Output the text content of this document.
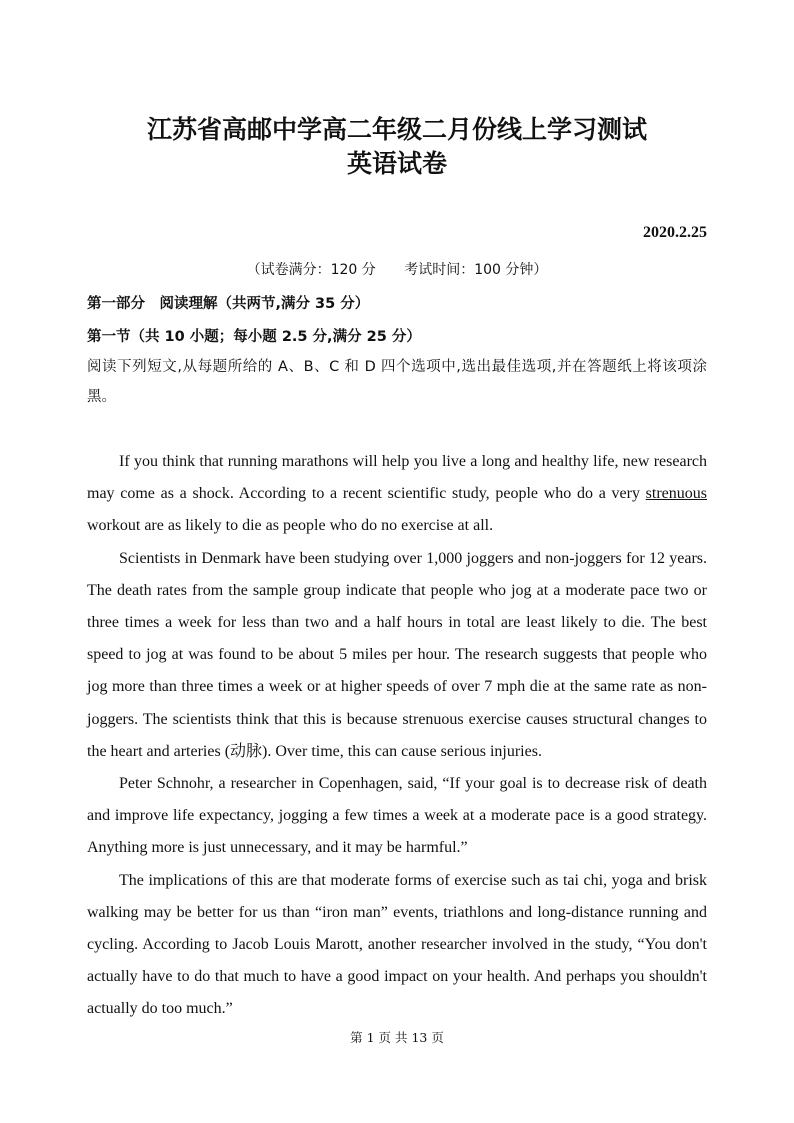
江苏省高邮中学高二年级二月份线上学习测试
英语试卷
2020.2.25
（试卷满分：120 分 考试时间：100 分钟）
第一部分　阅读理解（共两节,满分 35 分）
第一节（共 10 小题；每小题 2.5 分,满分 25 分）
阅读下列短文,从每题所给的 A、B、C 和 D 四个选项中,选出最佳选项,并在答题纸上将该项涂黑。

If you think that running marathons will help you live a long and healthy life, new research may come as a shock. According to a recent scientific study, people who do a very strenuous workout are as likely to die as people who do no exercise at all.

Scientists in Denmark have been studying over 1,000 joggers and non-joggers for 12 years. The death rates from the sample group indicate that people who jog at a moderate pace two or three times a week for less than two and a half hours in total are least likely to die. The best speed to jog at was found to be about 5 miles per hour. The research suggests that people who jog more than three times a week or at higher speeds of over 7 mph die at the same rate as non-joggers. The scientists think that this is because strenuous exercise causes structural changes to the heart and arteries (动脉). Over time, this can cause serious injuries.

Peter Schnohr, a researcher in Copenhagen, said, “If your goal is to decrease risk of death and improve life expectancy, jogging a few times a week at a moderate pace is a good strategy. Anything more is just unnecessary, and it may be harmful.”

The implications of this are that moderate forms of exercise such as tai chi, yoga and brisk walking may be better for us than “iron man” events, triathlons and long-distance running and cycling. According to Jacob Louis Marott, another researcher involved in the study, “You don't actually have to do that much to have a good impact on your health. And perhaps you shouldn't actually do too much.”

第 1 页 共 13 页
